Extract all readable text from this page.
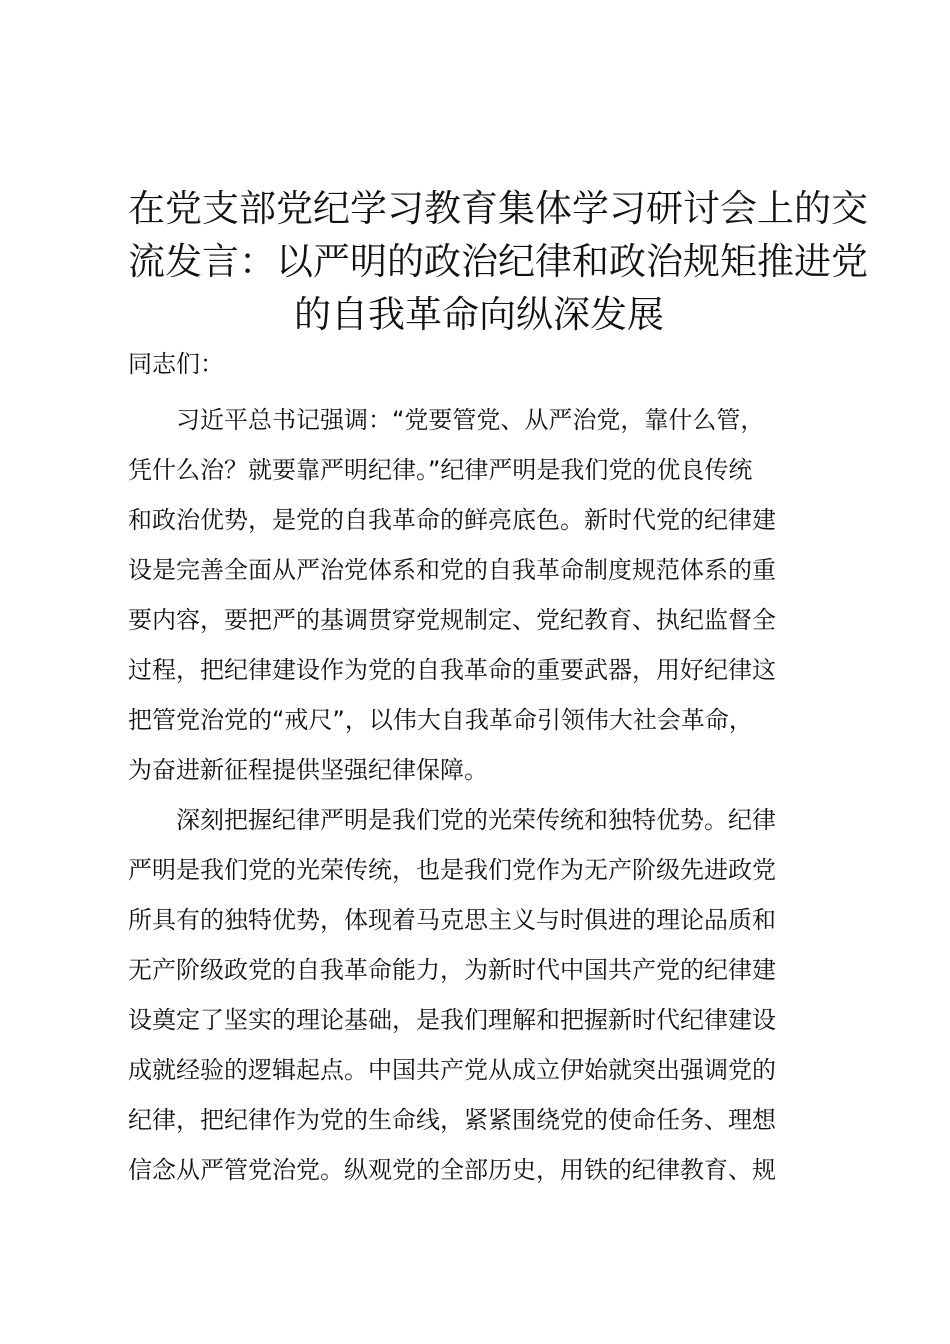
在党支部党纪学习教育集体学习研讨会上的交
流发言：以严明的政治纪律和政治规矩推进党
的自我革命向纵深发展

同志们：

　　习近平总书记强调：“党要管党、从严治党，靠什么管，
凭什么治？就要靠严明纪律。”纪律严明是我们党的优良传统
和政治优势，是党的自我革命的鲜亮底色。新时代党的纪律建
设是完善全面从严治党体系和党的自我革命制度规范体系的重
要内容，要把严的基调贯穿党规制定、党纪教育、执纪监督全
过程，把纪律建设作为党的自我革命的重要武器，用好纪律这
把管党治党的“戒尺”，以伟大自我革命引领伟大社会革命，
为奋进新征程提供坚强纪律保障。

　　深刻把握纪律严明是我们党的光荣传统和独特优势。纪律
严明是我们党的光荣传统，也是我们党作为无产阶级先进政党
所具有的独特优势，体现着马克思主义与时俱进的理论品质和
无产阶级政党的自我革命能力，为新时代中国共产党的纪律建
设奠定了坚实的理论基础，是我们理解和把握新时代纪律建设
成就经验的逻辑起点。中国共产党从成立伊始就突出强调党的
纪律，把纪律作为党的生命线，紧紧围绕党的使命任务、理想
信念从严管党治党。纵观党的全部历史，用铁的纪律教育、规
